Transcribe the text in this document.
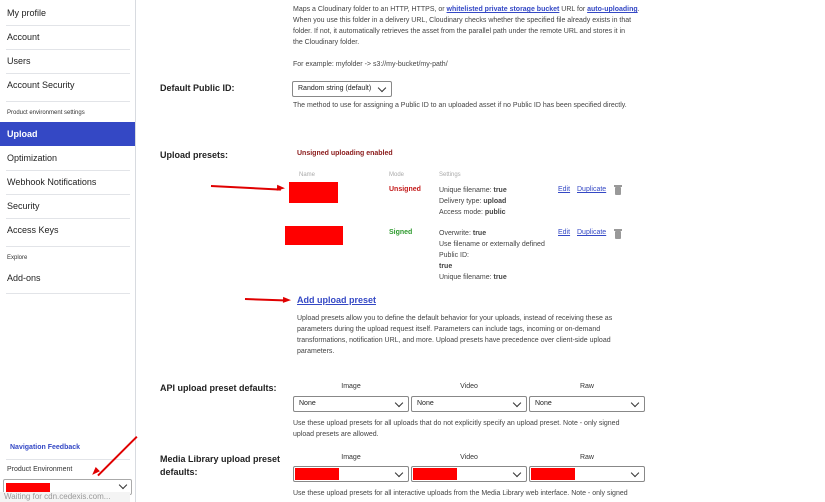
My profile
Account
Users
Account Security
Product environment settings
Upload
Optimization
Webhook Notifications
Security
Access Keys
Explore
Add-ons
Navigation Feedback
Product Environment
Waiting for cdn.cedexis.com...
Maps a Cloudinary folder to an HTTP, HTTPS, or whitelisted private storage bucket URL for auto-uploading.
When you use this folder in a delivery URL, Cloudinary checks whether the specified file already exists in that
folder. If not, it automatically retrieves the asset from the parallel path under the remote URL and stores it in
the Cloudinary folder.
For example: myfolder -> s3://my-bucket/my-path/
Default Public ID:	Random string (default)
The method to use for assigning a Public ID to an uploaded asset if no Public ID has been specified directly.
Upload presets:	Unsigned uploading enabled
Name	Mode	Settings
Unsigned	Unique filename: true
Delivery type: upload
Access mode: public
Edit Duplicate
Signed	Overwrite: true
Use filename or externally defined
Public ID:
true
Unique filename: true
Edit Duplicate
Add upload preset
Upload presets allow you to define the default behavior for your uploads, instead of receiving these as
parameters during the upload request itself. Parameters can include tags, incoming or on-demand
transformations, notification URL, and more. Upload presets have precedence over client-side upload
parameters.
API upload preset defaults:	Image	Video	Raw
None	None	None
Use these upload presets for all uploads that do not explicitly specify an upload preset. Note - only signed
upload presets are allowed.
Media Library upload preset
defaults:
Image	Video	Raw
Use these upload presets for all interactive uploads from the Media Library web interface. Note - only signed
